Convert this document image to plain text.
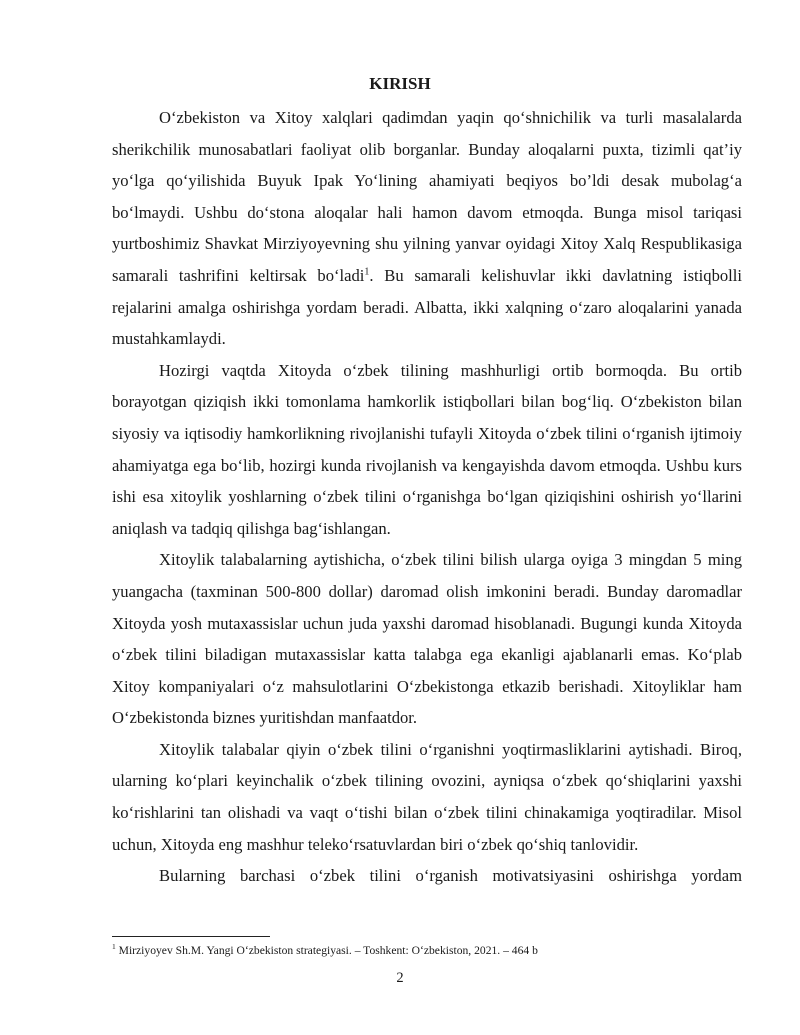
KIRISH

O‘zbekiston va Xitoy xalqlari qadimdan yaqin qo‘shnichilik va turli masalalarda sherikchilik munosabatlari faoliyat olib borganlar. Bunday aloqalarni puxta, tizimli qat’iy yo‘lga qo‘yilishida Buyuk Ipak Yo‘lining ahamiyati beqiyos bo’ldi desak mubolag‘a bo‘lmaydi. Ushbu do‘stona aloqalar hali hamon davom etmoqda. Bunga misol tariqasi yurtboshimiz Shavkat Mirziyoyevning shu yilning yanvar oyidagi Xitoy Xalq Respublikasiga samarali tashrifini keltirsak bo‘ladi$^1$. Bu samarali kelishuvlar ikki davlatning istiqbolli rejalarini amalga oshirishga yordam beradi. Albatta, ikki xalqning o‘zaro aloqalarini yanada mustahkamlaydi.

Hozirgi vaqtda Xitoyda o‘zbek tilining mashhurligi ortib bormoqda. Bu ortib borayotgan qiziqish ikki tomonlama hamkorlik istiqbollari bilan bog‘liq. O‘zbekiston bilan siyosiy va iqtisodiy hamkorlikning rivojlanishi tufayli Xitoyda o‘zbek tilini o‘rganish ijtimoiy ahamiyatga ega bo‘lib, hozirgi kunda rivojlanish va kengayishda davom etmoqda. Ushbu kurs ishi esa xitoylik yoshlarning o‘zbek tilini o‘rganishga bo‘lgan qiziqishini oshirish yo‘llarini aniqlash va tadqiq qilishga bag‘ishlangan.

Xitoylik talabalarning aytishicha, o‘zbek tilini bilish ularga oyiga 3 mingdan 5 ming yuangacha (taxminan 500-800 dollar) daromad olish imkonini beradi. Bunday daromadlar Xitoyda yosh mutaxassislar uchun juda yaxshi daromad hisoblanadi. Bugungi kunda Xitoyda o‘zbek tilini biladigan mutaxassislar katta talabga ega ekanligi ajablanarli emas. Ko‘plab Xitoy kompaniyalari o‘z mahsulotlarini O‘zbekistonga etkazib berishadi. Xitoyliklar ham O‘zbekistonda biznes yuritishdan manfaatdor.

Xitoylik talabalar qiyin o‘zbek tilini o‘rganishni yoqtirmasliklarini aytishadi. Biroq, ularning ko‘plari keyinchalik o‘zbek tilining ovozini, ayniqsa o‘zbek qo‘shiqlarini yaxshi ko‘rishlarini tan olishadi va vaqt o‘tishi bilan o‘zbek tilini chinakamiga yoqtiradilar. Misol uchun, Xitoyda eng mashhur teleko‘rsatuvlardan biri o‘zbek qo‘shiq tanlovidir.

Bularning barchasi o‘zbek tilini o‘rganish motivatsiyasini oshirishga yordam

$^1$ Mirziyoyev Sh.M. Yangi O‘zbekiston strategiyasi. – Toshkent: O‘zbekiston, 2021. – 464 b
2
